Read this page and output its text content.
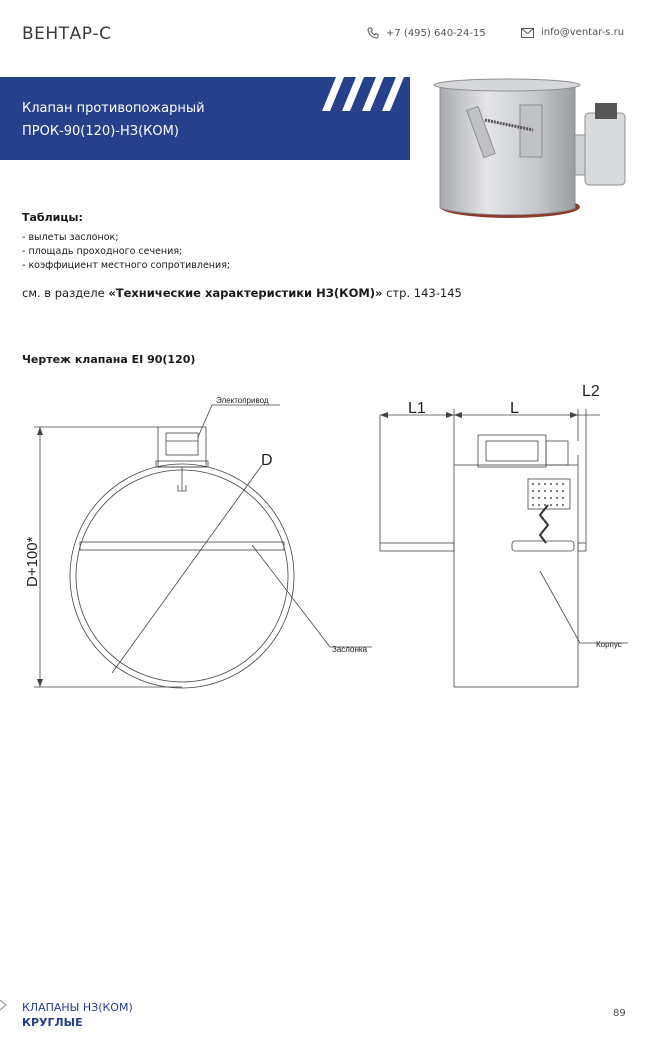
ВЕНТАР-С	+7 (495) 640-24-15	info@ventar-s.ru
Клапан противопожарный
ПРОК-90(120)-НЗ(КОМ)
Таблицы:
- вылеты заслонок;
- площадь проходного сечения;
- коэффициент местного сопротивления;
см. в разделе «Технические характеристики НЗ(КОМ)» стр. 143-145
Чертеж клапана EI 90(120)
Электопривод
D
D+100*
Заслонка
L1	L
L2
Корпус
КЛАПАНЫ НЗ(КОМ)
КРУГЛЫЕ
89
